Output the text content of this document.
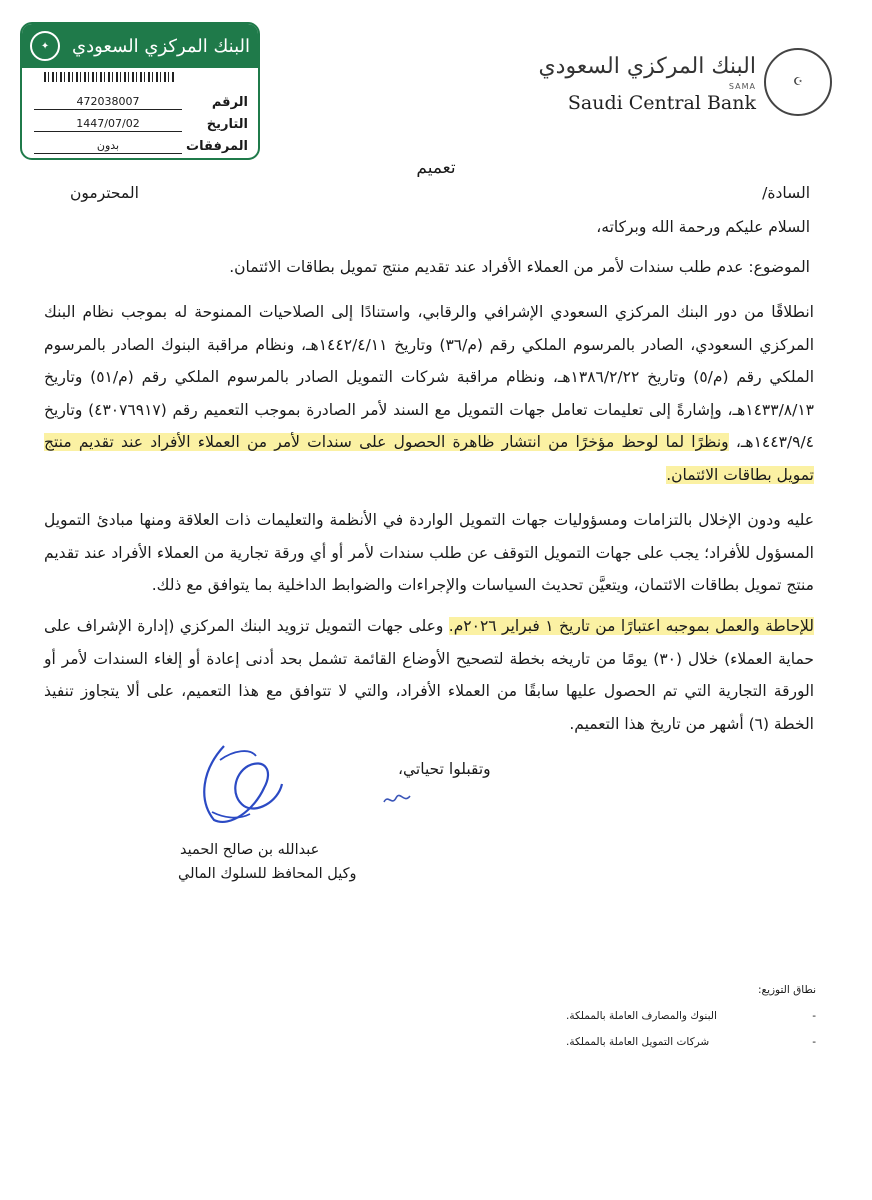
البنك المركزي السعودي
✦
الرقم
472038007
التاريخ
1447/07/02
المرفقات
بدون
☪
البنك المركزي السعودي
SAMA
Saudi Central Bank
تعميم
المحترمون	السادة/
السلام عليكم ورحمة الله وبركاته،
الموضوع: عدم طلب سندات لأمر من العملاء الأفراد عند تقديم منتج تمويل بطاقات الائتمان.

انطلاقًا من دور البنك المركزي السعودي الإشرافي والرقابي، واستنادًا إلى الصلاحيات الممنوحة له بموجب نظام البنك المركزي السعودي، الصادر بالمرسوم الملكي رقم (م/٣٦) وتاريخ ١٤٤٢/٤/١١هـ، ونظام مراقبة البنوك الصادر بالمرسوم الملكي رقم (م/٥) وتاريخ ١٣٨٦/٢/٢٢هـ، ونظام مراقبة شركات التمويل الصادر بالمرسوم الملكي رقم (م/٥١) وتاريخ ١٤٣٣/٨/١٣هـ، وإشارةً إلى تعليمات تعامل جهات التمويل مع السند لأمر الصادرة بموجب التعميم رقم (٤٣٠٧٦٩١٧) وتاريخ ١٤٤٣/٩/٤هـ، ونظرًا لما لوحظ مؤخرًا من انتشار ظاهرة الحصول على سندات لأمر من العملاء الأفراد عند تقديم منتج تمويل بطاقات الائتمان.

عليه ودون الإخلال بالتزامات ومسؤوليات جهات التمويل الواردة في الأنظمة والتعليمات ذات العلاقة ومنها مبادئ التمويل المسؤول للأفراد؛ يجب على جهات التمويل التوقف عن طلب سندات لأمر أو أي ورقة تجارية من العملاء الأفراد عند تقديم منتج تمويل بطاقات الائتمان، ويتعيَّن تحديث السياسات والإجراءات والضوابط الداخلية بما يتوافق مع ذلك.

للإحاطة والعمل بموجبه اعتبارًا من تاريخ ١ فبراير ٢٠٢٦م. وعلى جهات التمويل تزويد البنك المركزي (إدارة الإشراف على حماية العملاء) خلال (٣٠) يومًا من تاريخه بخطة لتصحيح الأوضاع القائمة تشمل بحد أدنى إعادة أو إلغاء السندات لأمر أو الورقة التجارية التي تم الحصول عليها سابقًا من العملاء الأفراد، والتي لا تتوافق مع هذا التعميم، على ألا يتجاوز تنفيذ الخطة (٦) أشهر من تاريخ هذا التعميم.

وتقبلوا تحياتي،
عبدالله بن صالح الحميد
وكيل المحافظ للسلوك المالي
نطاق التوزيع:
-
البنوك والمصارف العاملة بالمملكة.
-
شركات التمويل العاملة بالمملكة.
